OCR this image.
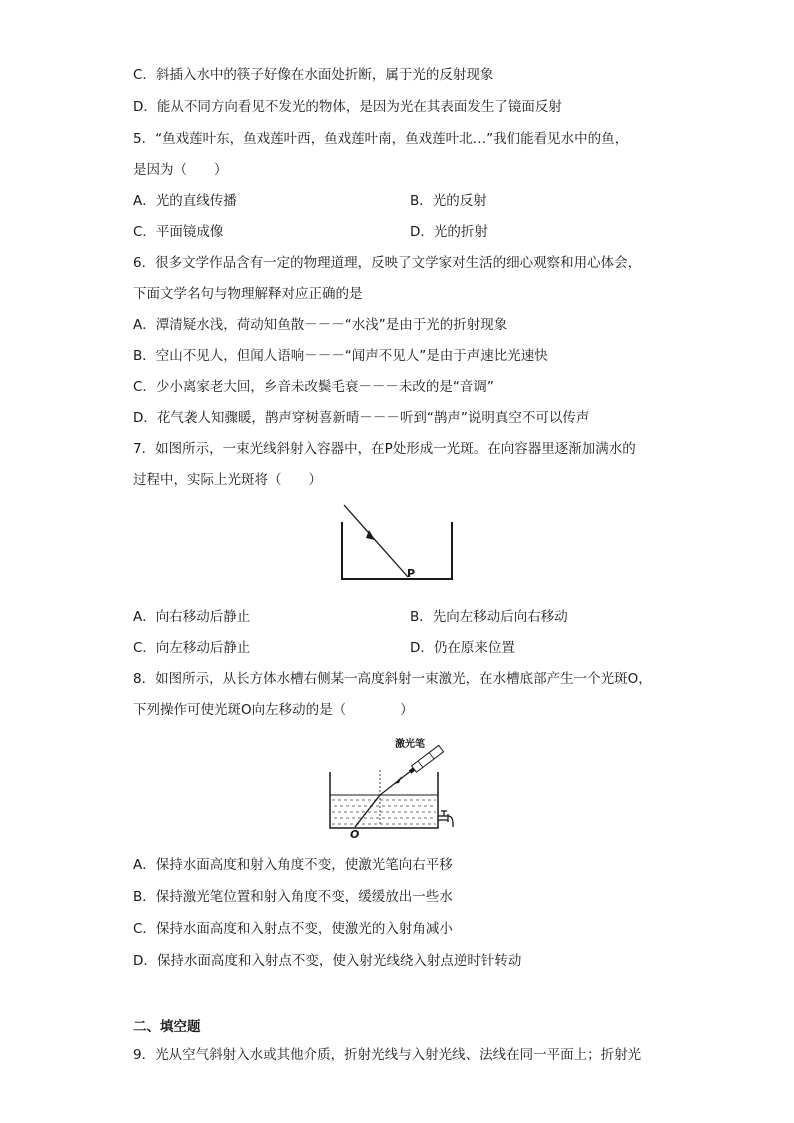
C．斜插入水中的筷子好像在水面处折断，属于光的反射现象
D．能从不同方向看见不发光的物体，是因为光在其表面发生了镜面反射
5．“鱼戏莲叶东，鱼戏莲叶西，鱼戏莲叶南，鱼戏莲叶北…”我们能看见水中的鱼，
是因为（　　）
A．光的直线传播	B．光的反射
C．平面镜成像	D．光的折射
6．很多文学作品含有一定的物理道理，反映了文学家对生活的细心观察和用心体会，
下面文学名句与物理解释对应正确的是
A．潭清疑水浅，荷动知鱼散－－－“水浅”是由于光的折射现象
B．空山不见人，但闻人语响－－－“闻声不见人”是由于声速比光速快
C．少小离家老大回，乡音未改鬓毛衰－－－未改的是“音调”
D．花气袭人知骤暖，鹊声穿树喜新晴－－－听到“鹊声”说明真空不可以传声
7．如图所示，一束光线斜射入容器中，在P处形成一光斑。在向容器里逐渐加满水的
过程中，实际上光斑将（　　）
P
A．向右移动后静止	B．先向左移动后向右移动
C．向左移动后静止	D．仍在原来位置
8．如图所示，从长方体水槽右侧某一高度斜射一束激光，在水槽底部产生一个光斑O，
下列操作可使光斑O向左移动的是（　　　　）
激光笔
O
A．保持水面高度和射入角度不变，使激光笔向右平移
B．保持激光笔位置和射入角度不变，缓缓放出一些水
C．保持水面高度和入射点不变，使激光的入射角减小
D．保持水面高度和入射点不变，使入射光线绕入射点逆时针转动
二、填空题
9．光从空气斜射入水或其他介质，折射光线与入射光线、法线在同一平面上；折射光
